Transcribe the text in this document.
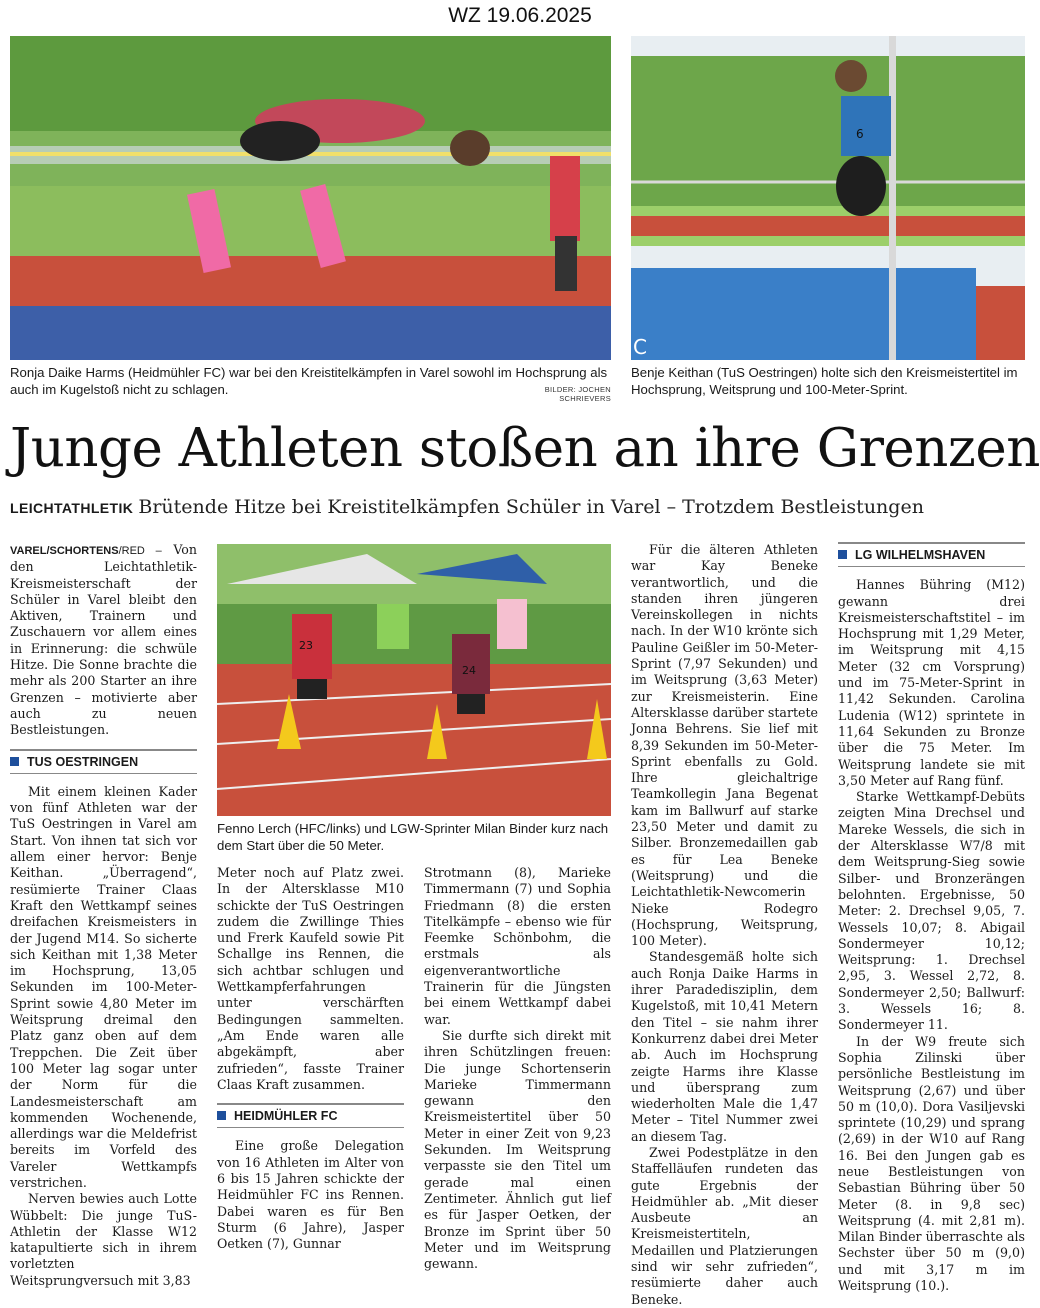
WZ 19.06.2025
Ronja Daike Harms (Heidmühler FC) war bei den Kreistitelkämpfen in Varel sowohl im Hochsprung als auch im Kugelstoß nicht zu schlagen.	BILDER: JOCHEN SCHRIEVERS
6
C
Benje Keithan (TuS Oestringen) holte sich den Kreismeistertitel im Hochsprung, Weitsprung und 100-Meter-Sprint.
Junge Athleten stoßen an ihre Grenzen
LEICHTATHLETIK Brütende Hitze bei Kreistitelkämpfen Schüler in Varel – Trotzdem Bestleistungen

VAREL/SCHORTENS/RED – Von den Leichtathletik-Kreismeisterschaft der Schüler in Varel bleibt den Aktiven, Trainern und Zuschauern vor allem eines in Erinnerung: die schwüle Hitze. Die Sonne brachte die mehr als 200 Starter an ihre Grenzen – motivierte aber auch zu neuen Bestleistungen.

TUS OESTRINGEN

Mit einem kleinen Kader von fünf Athleten war der TuS Oestringen in Varel am Start. Von ihnen tat sich vor allem einer hervor: Benje Keithan. „Überragend“, resümierte Trainer Claas Kraft den Wettkampf seines dreifachen Kreismeisters in der Jugend M14. So sicherte sich Keithan mit 1,38 Meter im Hochsprung, 13,05 Sekunden im 100-Meter-Sprint sowie 4,80 Meter im Weitsprung dreimal den Platz ganz oben auf dem Treppchen. Die Zeit über 100 Meter lag sogar unter der Norm für die Landesmeisterschaft am kommenden Wochenende, allerdings war die Meldefrist bereits im Vorfeld des Vareler Wettkampfs verstrichen.

Nerven bewies auch Lotte Wübbelt: Die junge TuS-Athletin der Klasse W12 katapultierte sich in ihrem vorletzten Weitsprungversuch mit 3,83

23
24
Fenno Lerch (HFC/links) und LGW-Sprinter Milan Binder kurz nach dem Start über die 50 Meter.

Meter noch auf Platz zwei. In der Altersklasse M10 schickte der TuS Oestringen zudem die Zwillinge Thies und Frerk Kaufeld sowie Pit Schallge ins Rennen, die sich achtbar schlugen und Wettkampferfahrungen unter verschärften Bedingungen sammelten. „Am Ende waren alle abgekämpft, aber zufrieden“, fasste Trainer Claas Kraft zusammen.

HEIDMÜHLER FC

Eine große Delegation von 16 Athleten im Alter von 6 bis 15 Jahren schickte der Heidmühler FC ins Rennen. Dabei waren es für Ben Sturm (6 Jahre), Jasper Oetken (7), Gunnar

Strotmann (8), Marieke Timmermann (7) und Sophia Friedmann (8) die ersten Titelkämpfe – ebenso wie für Feemke Schönbohm, die erstmals als eigenverantwortliche Trainerin für die Jüngsten bei einem Wettkampf dabei war.

Sie durfte sich direkt mit ihren Schützlingen freuen: Die junge Schortenserin Marieke Timmermann gewann den Kreismeistertitel über 50 Meter in einer Zeit von 9,23 Sekunden. Im Weitsprung verpasste sie den Titel um gerade mal einen Zentimeter. Ähnlich gut lief es für Jasper Oetken, der Bronze im Sprint über 50 Meter und im Weitsprung gewann.

Für die älteren Athleten war Kay Beneke verantwortlich, und die standen ihren jüngeren Vereinskollegen in nichts nach. In der W10 krönte sich Pauline Geißler im 50-Meter-Sprint (7,97 Sekunden) und im Weitsprung (3,63 Meter) zur Kreismeisterin. Eine Altersklasse darüber startete Jonna Behrens. Sie lief mit 8,39 Sekunden im 50-Meter-Sprint ebenfalls zu Gold. Ihre gleichaltrige Teamkollegin Jana Begenat kam im Ballwurf auf starke 23,50 Meter und damit zu Silber. Bronzemedaillen gab es für Lea Beneke (Weitsprung) und die Leichtathletik-Newcomerin Nieke Rodegro (Hochsprung, Weitsprung, 100 Meter).

Standesgemäß holte sich auch Ronja Daike Harms in ihrer Paradedisziplin, dem Kugelstoß, mit 10,41 Metern den Titel – sie nahm ihrer Konkurrenz dabei drei Meter ab. Auch im Hochsprung zeigte Harms ihre Klasse und übersprang zum wiederholten Male die 1,47 Meter – Titel Nummer zwei an diesem Tag.

Zwei Podestplätze in den Staffelläufen rundeten das gute Ergebnis der Heidmühler ab. „Mit dieser Ausbeute an Kreismeistertiteln, Medaillen und Platzierungen sind wir sehr zufrieden“, resümierte daher auch Beneke.

LG WILHELMSHAVEN

Hannes Bühring (M12) gewann drei Kreismeisterschaftstitel – im Hochsprung mit 1,29 Meter, im Weitsprung mit 4,15 Meter (32 cm Vorsprung) und im 75-Meter-Sprint in 11,42 Sekunden. Carolina Ludenia (W12) sprintete in 11,64 Sekunden zu Bronze über die 75 Meter. Im Weitsprung landete sie mit 3,50 Meter auf Rang fünf.

Starke Wettkampf-Debüts zeigten Mina Drechsel und Mareke Wessels, die sich in der Altersklasse W7/8 mit dem Weitsprung-Sieg sowie Silber- und Bronzerängen belohnten. Ergebnisse, 50 Meter: 2. Drechsel 9,05, 7. Wessels 10,07; 8. Abigail Sondermeyer 10,12; Weitsprung: 1. Drechsel 2,95, 3. Wessel 2,72, 8. Sondermeyer 2,50; Ballwurf: 3. Wessels 16; 8. Sondermeyer 11.

In der W9 freute sich Sophia Zilinski über persönliche Bestleistung im Weitsprung (2,67) und über 50 m (10,0). Dora Vasiljevski sprintete (10,29) und sprang (2,69) in der W10 auf Rang 16. Bei den Jungen gab es neue Bestleistungen von Sebastian Bühring über 50 Meter (8. in 9,8 sec) Weitsprung (4. mit 2,81 m). Milan Binder überraschte als Sechster über 50 m (9,0) und mit 3,17 m im Weitsprung (10.).
